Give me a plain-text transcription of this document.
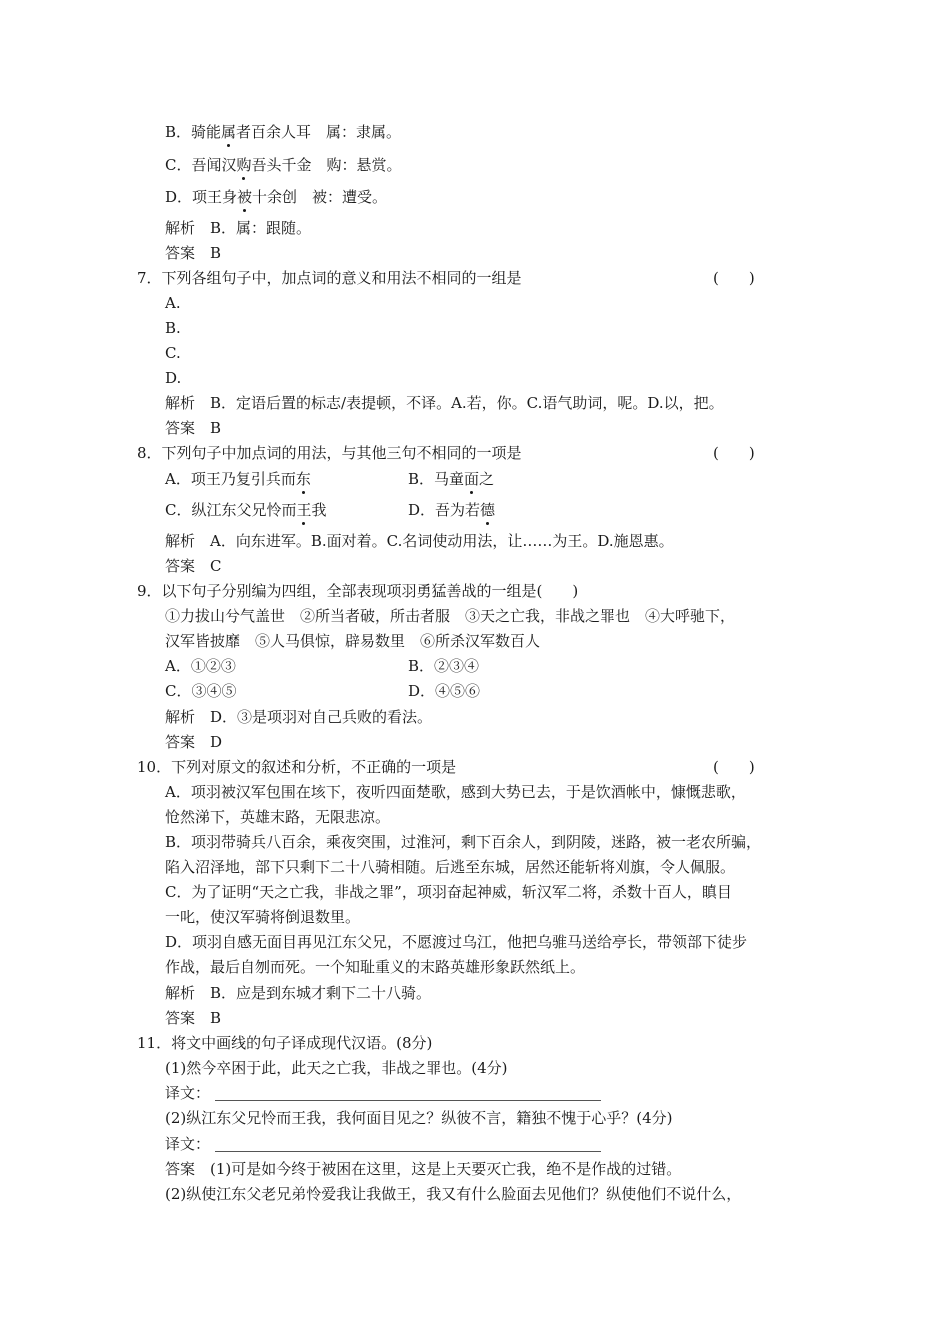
B．骑能属者百余人耳　属：隶属。
C．吾闻汉购吾头千金　购：悬赏。
D．项王身被十余创　被：遭受。
解析　B．属：跟随。
答案　B
7．下列各组句子中，加点词的意义和用法不相同的一组是	(　　)
A.
B.
C.
D.
解析　B．定语后置的标志/表提顿，不译。A.若，你。C.语气助词，呢。D.以，把。
答案　B
8．下列句子中加点词的用法，与其他三句不相同的一项是	(　　)
A．项王乃复引兵而东	B．马童面之
C．纵江东父兄怜而王我	D．吾为若德
解析　A．向东进军。B.面对着。C.名词使动用法，让……为王。D.施恩惠。
答案　C
9．以下句子分别编为四组，全部表现项羽勇猛善战的一组是(　　)
①力拔山兮气盖世　②所当者破，所击者服　③天之亡我，非战之罪也　④大呼驰下，
汉军皆披靡　⑤人马俱惊，辟易数里　⑥所杀汉军数百人
A．①②③	B．②③④
C．③④⑤	D．④⑤⑥
解析　D．③是项羽对自己兵败的看法。
答案　D
10．下列对原文的叙述和分析，不正确的一项是	(　　)
A．项羽被汉军包围在垓下，夜听四面楚歌，感到大势已去，于是饮酒帐中，慷慨悲歌，
怆然涕下，英雄末路，无限悲凉。
B．项羽带骑兵八百余，乘夜突围，过淮河，剩下百余人，到阴陵，迷路，被一老农所骗，
陷入沼泽地，部下只剩下二十八骑相随。后逃至东城，居然还能斩将刈旗，令人佩服。
C．为了证明“天之亡我，非战之罪”，项羽奋起神威，斩汉军二将，杀数十百人，瞋目
一叱，使汉军骑将倒退数里。
D．项羽自感无面目再见江东父兄，不愿渡过乌江，他把乌骓马送给亭长，带领部下徒步
作战，最后自刎而死。一个知耻重义的末路英雄形象跃然纸上。
解析　B．应是到东城才剩下二十八骑。
答案　B
11．将文中画线的句子译成现代汉语。(8分)
(1)然今卒困于此，此天之亡我，非战之罪也。(4分)
译文：
(2)纵江东父兄怜而王我，我何面目见之？纵彼不言，籍独不愧于心乎？(4分)
译文：
答案　(1)可是如今终于被困在这里，这是上天要灭亡我，绝不是作战的过错。
(2)纵使江东父老兄弟怜爱我让我做王，我又有什么脸面去见他们？纵使他们不说什么，
